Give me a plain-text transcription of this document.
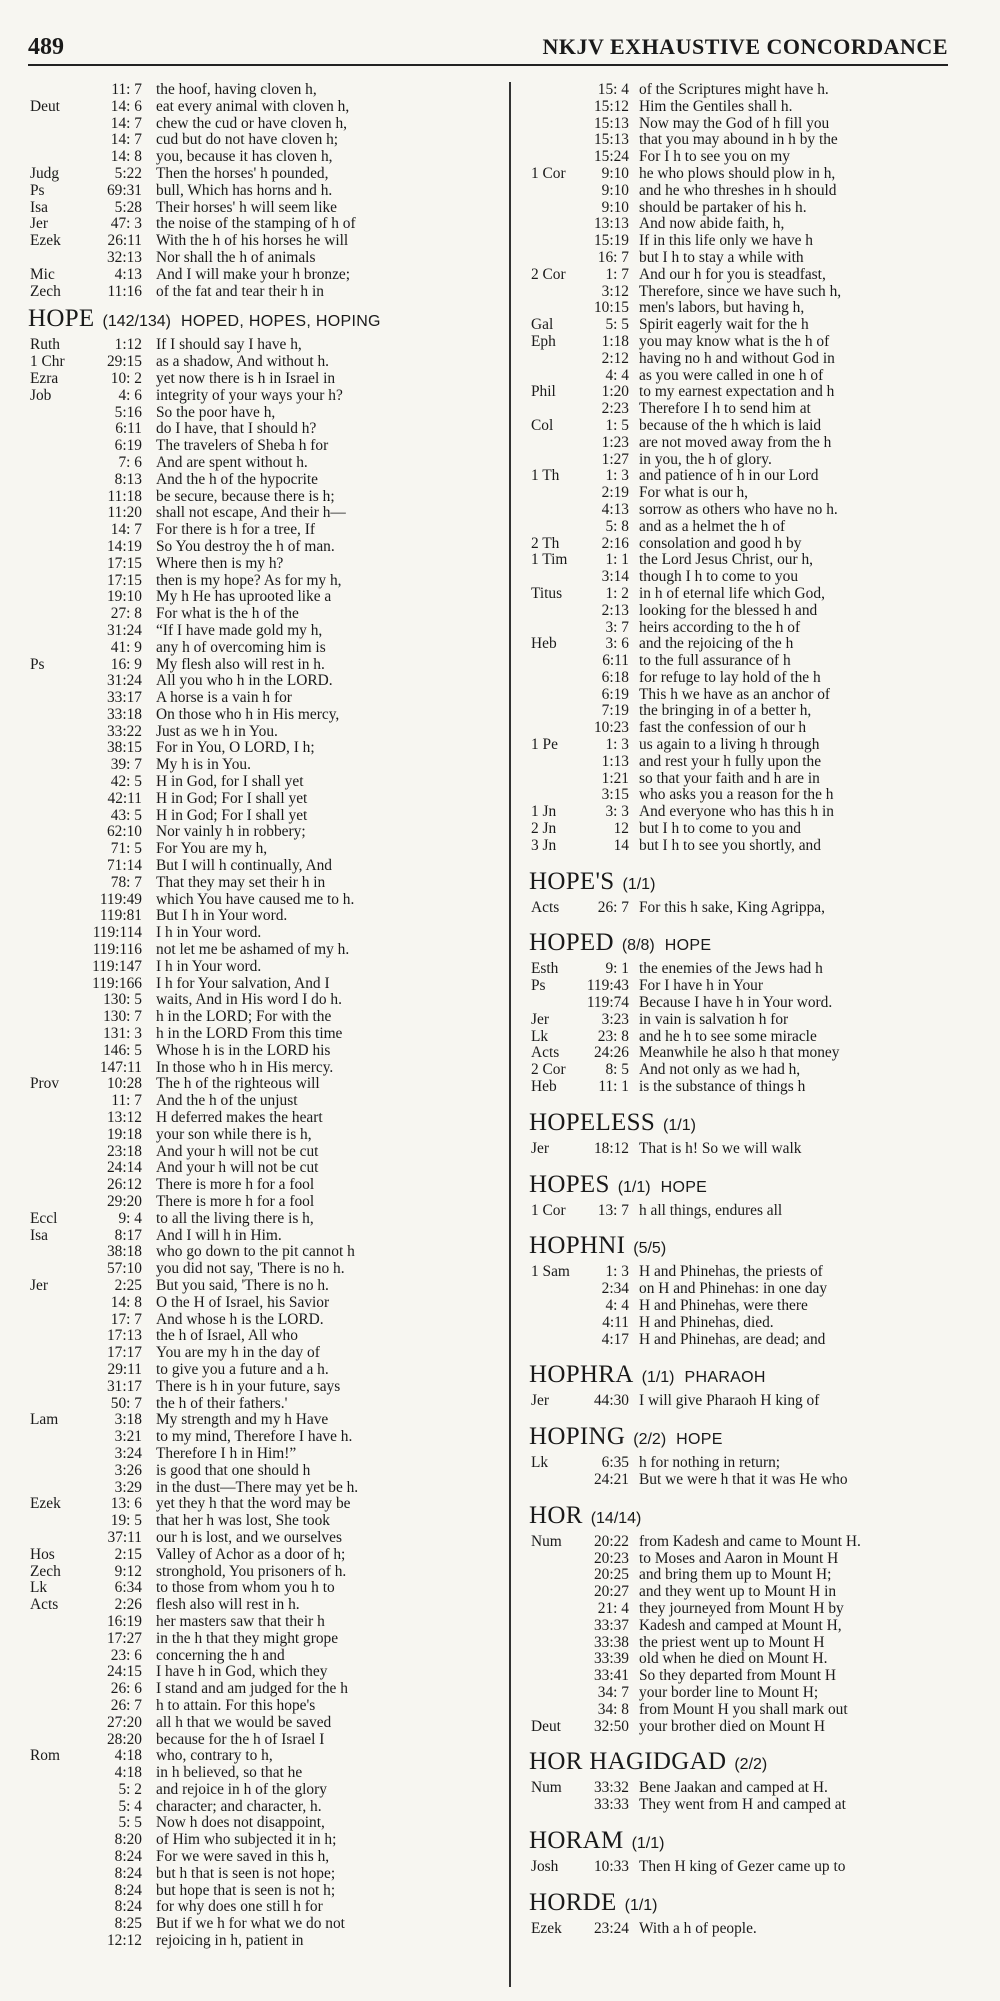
489	NKJV EXHAUSTIVE CONCORDANCE
11: 7 the hoof, having cloven h,
Deut	14: 6 eat every animal with cloven h,
14: 7 chew the cud or have cloven h,
14: 7 cud but do not have cloven h;
14: 8 you, because it has cloven h,
Judg	5:22 Then the horses' h pounded,
Ps	69:31 bull, Which has horns and h.
Isa	5:28 Their horses' h will seem like
Jer	47: 3 the noise of the stamping of h of
Ezek	26:11 With the h of his horses he will
32:13 Nor shall the h of animals
Mic	4:13 And I will make your h bronze;
Zech	11:16 of the fat and tear their h in
HOPE (142/134) HOPED, HOPES, HOPING
Ruth	1:12 If I should say I have h,
1 Chr	29:15 as a shadow, And without h.
Ezra	10: 2 yet now there is h in Israel in
Job	4: 6 integrity of your ways your h?
5:16 So the poor have h,
6:11 do I have, that I should h?
6:19 The travelers of Sheba h for
7: 6 And are spent without h.
8:13 And the h of the hypocrite
11:18 be secure, because there is h;
11:20 shall not escape, And their h—
14: 7 For there is h for a tree, If
14:19 So You destroy the h of man.
17:15 Where then is my h?
17:15 then is my hope? As for my h,
19:10 My h He has uprooted like a
27: 8 For what is the h of the
31:24 “If I have made gold my h,
41: 9 any h of overcoming him is
Ps	16: 9 My flesh also will rest in h.
31:24 All you who h in the LORD.
33:17 A horse is a vain h for
33:18 On those who h in His mercy,
33:22 Just as we h in You.
38:15 For in You, O LORD, I h;
39: 7 My h is in You.
42: 5 H in God, for I shall yet
42:11 H in God; For I shall yet
43: 5 H in God; For I shall yet
62:10 Nor vainly h in robbery;
71: 5 For You are my h,
71:14 But I will h continually, And
78: 7 That they may set their h in
119:49 which You have caused me to h.
119:81 But I h in Your word.
119:114 I h in Your word.
119:116 not let me be ashamed of my h.
119:147 I h in Your word.
119:166 I h for Your salvation, And I
130: 5 waits, And in His word I do h.
130: 7 h in the LORD; For with the
131: 3 h in the LORD From this time
146: 5 Whose h is in the LORD his
147:11 In those who h in His mercy.
Prov	10:28 The h of the righteous will
11: 7 And the h of the unjust
13:12 H deferred makes the heart
19:18 your son while there is h,
23:18 And your h will not be cut
24:14 And your h will not be cut
26:12 There is more h for a fool
29:20 There is more h for a fool
Eccl	9: 4 to all the living there is h,
Isa	8:17 And I will h in Him.
38:18 who go down to the pit cannot h
57:10 you did not say, 'There is no h.
Jer	2:25 But you said, 'There is no h.
14: 8 O the H of Israel, his Savior
17: 7 And whose h is the LORD.
17:13 the h of Israel, All who
17:17 You are my h in the day of
29:11 to give you a future and a h.
31:17 There is h in your future, says
50: 7 the h of their fathers.'
Lam	3:18 My strength and my h Have
3:21 to my mind, Therefore I have h.
3:24 Therefore I h in Him!”
3:26 is good that one should h
3:29 in the dust—There may yet be h.
Ezek	13: 6 yet they h that the word may be
19: 5 that her h was lost, She took
37:11 our h is lost, and we ourselves
Hos	2:15 Valley of Achor as a door of h;
Zech	9:12 stronghold, You prisoners of h.
Lk	6:34 to those from whom you h to
Acts	2:26 flesh also will rest in h.
16:19 her masters saw that their h
17:27 in the h that they might grope
23: 6 concerning the h and
24:15 I have h in God, which they
26: 6 I stand and am judged for the h
26: 7 h to attain. For this hope's
27:20 all h that we would be saved
28:20 because for the h of Israel I
Rom	4:18 who, contrary to h,
4:18 in h believed, so that he
5: 2 and rejoice in h of the glory
5: 4 character; and character, h.
5: 5 Now h does not disappoint,
8:20 of Him who subjected it in h;
8:24 For we were saved in this h,
8:24 but h that is seen is not hope;
8:24 but hope that is seen is not h;
8:24 for why does one still h for
8:25 But if we h for what we do not
12:12 rejoicing in h, patient in
15: 4 of the Scriptures might have h.
15:12 Him the Gentiles shall h.
15:13 Now may the God of h fill you
15:13 that you may abound in h by the
15:24 For I h to see you on my
1 Cor	9:10 he who plows should plow in h,
9:10 and he who threshes in h should
9:10 should be partaker of his h.
13:13 And now abide faith, h,
15:19 If in this life only we have h
16: 7 but I h to stay a while with
2 Cor	1: 7 And our h for you is steadfast,
3:12 Therefore, since we have such h,
10:15 men's labors, but having h,
Gal	5: 5 Spirit eagerly wait for the h
Eph	1:18 you may know what is the h of
2:12 having no h and without God in
4: 4 as you were called in one h of
Phil	1:20 to my earnest expectation and h
2:23 Therefore I h to send him at
Col	1: 5 because of the h which is laid
1:23 are not moved away from the h
1:27 in you, the h of glory.
1 Th	1: 3 and patience of h in our Lord
2:19 For what is our h,
4:13 sorrow as others who have no h.
5: 8 and as a helmet the h of
2 Th	2:16 consolation and good h by
1 Tim	1: 1 the Lord Jesus Christ, our h,
3:14 though I h to come to you
Titus	1: 2 in h of eternal life which God,
2:13 looking for the blessed h and
3: 7 heirs according to the h of
Heb	3: 6 and the rejoicing of the h
6:11 to the full assurance of h
6:18 for refuge to lay hold of the h
6:19 This h we have as an anchor of
7:19 the bringing in of a better h,
10:23 fast the confession of our h
1 Pe	1: 3 us again to a living h through
1:13 and rest your h fully upon the
1:21 so that your faith and h are in
3:15 who asks you a reason for the h
1 Jn	3: 3 And everyone who has this h in
2 Jn	12 but I h to come to you and
3 Jn	14 but I h to see you shortly, and
HOPE'S (1/1)
Acts	26: 7 For this h sake, King Agrippa,
HOPED (8/8) HOPE
Esth	9: 1 the enemies of the Jews had h
Ps	119:43 For I have h in Your
119:74 Because I have h in Your word.
Jer	3:23 in vain is salvation h for
Lk	23: 8 and he h to see some miracle
Acts	24:26 Meanwhile he also h that money
2 Cor	8: 5 And not only as we had h,
Heb	11: 1 is the substance of things h
HOPELESS (1/1)
Jer	18:12 That is h! So we will walk
HOPES (1/1) HOPE
1 Cor	13: 7 h all things, endures all
HOPHNI (5/5)
1 Sam	1: 3 H and Phinehas, the priests of
2:34 on H and Phinehas: in one day
4: 4 H and Phinehas, were there
4:11 H and Phinehas, died.
4:17 H and Phinehas, are dead; and
HOPHRA (1/1) PHARAOH
Jer	44:30 I will give Pharaoh H king of
HOPING (2/2) HOPE
Lk	6:35 h for nothing in return;
24:21 But we were h that it was He who
HOR (14/14)
Num	20:22 from Kadesh and came to Mount H.
20:23 to Moses and Aaron in Mount H
20:25 and bring them up to Mount H;
20:27 and they went up to Mount H in
21: 4 they journeyed from Mount H by
33:37 Kadesh and camped at Mount H,
33:38 the priest went up to Mount H
33:39 old when he died on Mount H.
33:41 So they departed from Mount H
34: 7 your border line to Mount H;
34: 8 from Mount H you shall mark out
Deut	32:50 your brother died on Mount H
HOR HAGIDGAD (2/2)
Num	33:32 Bene Jaakan and camped at H.
33:33 They went from H and camped at
HORAM (1/1)
Josh	10:33 Then H king of Gezer came up to
HORDE (1/1)
Ezek	23:24 With a h of people.
